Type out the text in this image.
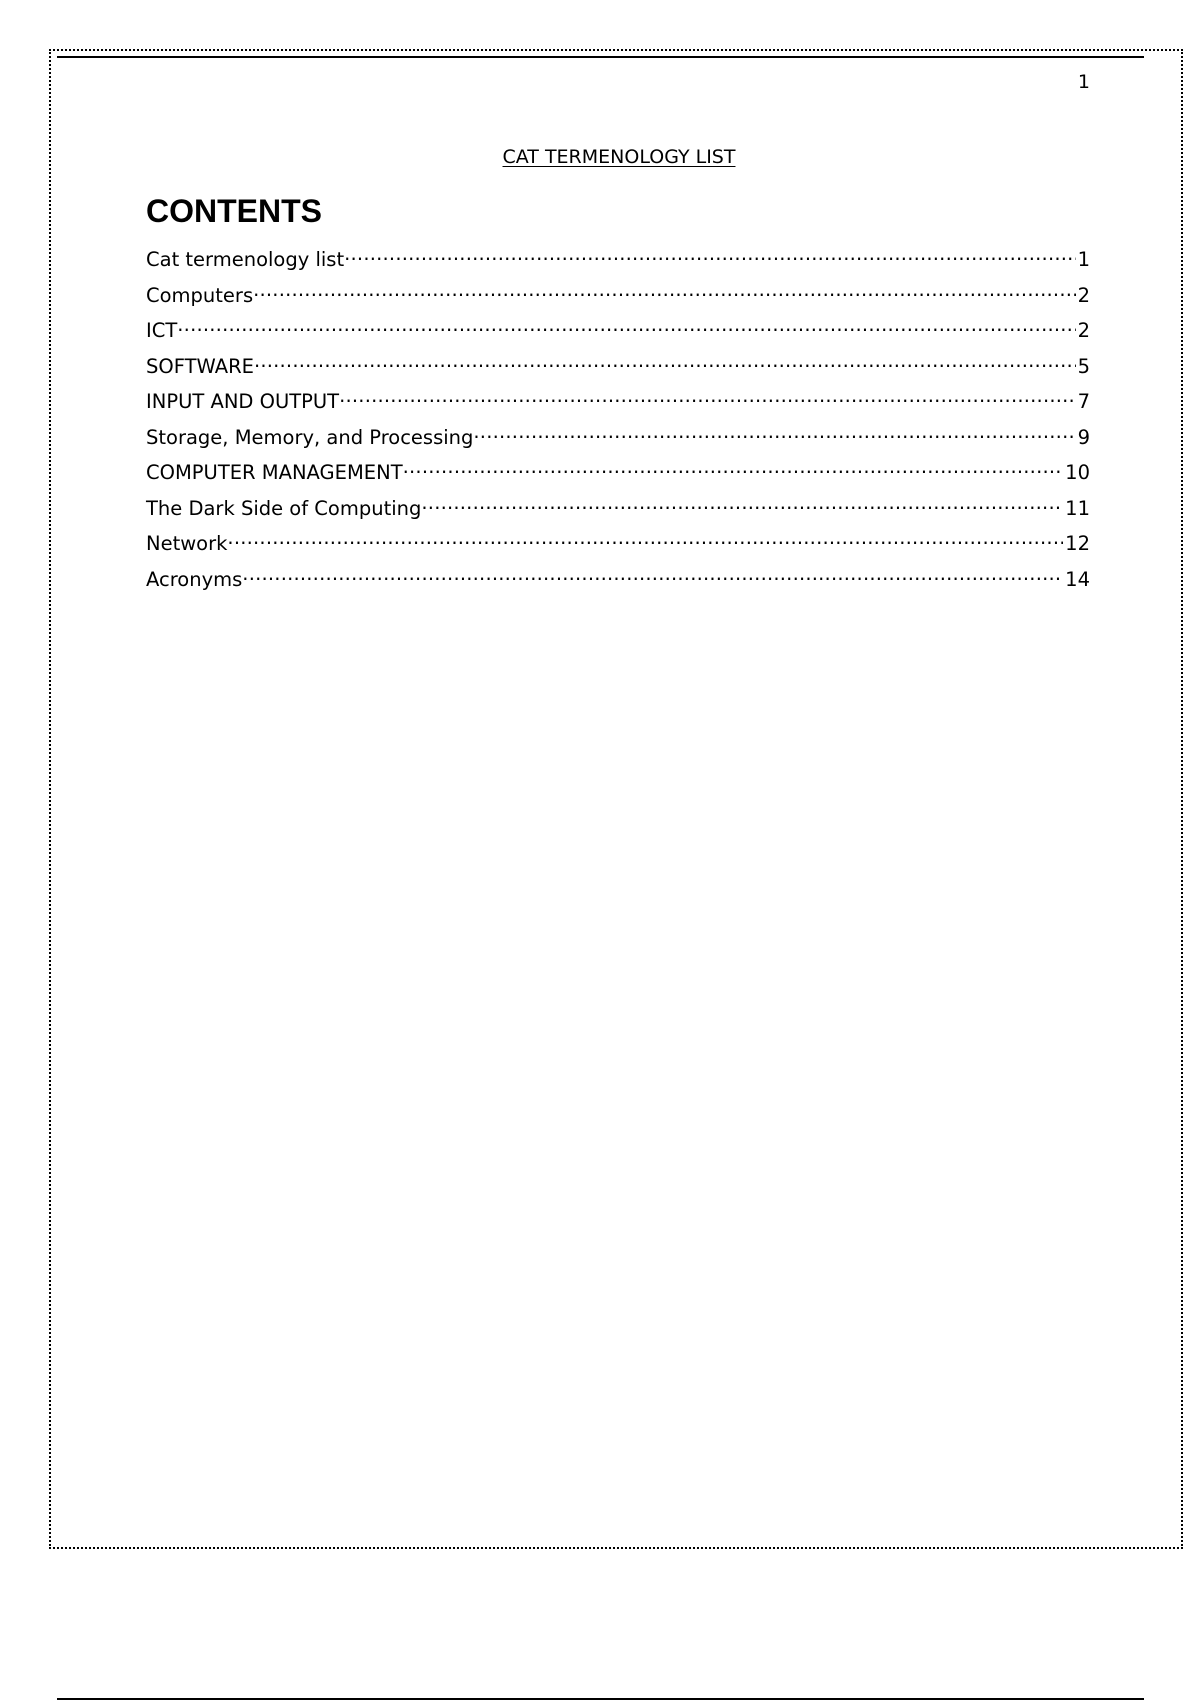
1
CAT TERMENOLOGY LIST
CONTENTS
Cat termenology list .....	1
Computers .....	2
ICT .....	2
SOFTWARE .....	5
INPUT AND OUTPUT .....	7
Storage, Memory, and Processing .....	9
COMPUTER MANAGEMENT .....	10
The Dark Side of Computing .....	11
Network .....	12
Acronyms .....	14
